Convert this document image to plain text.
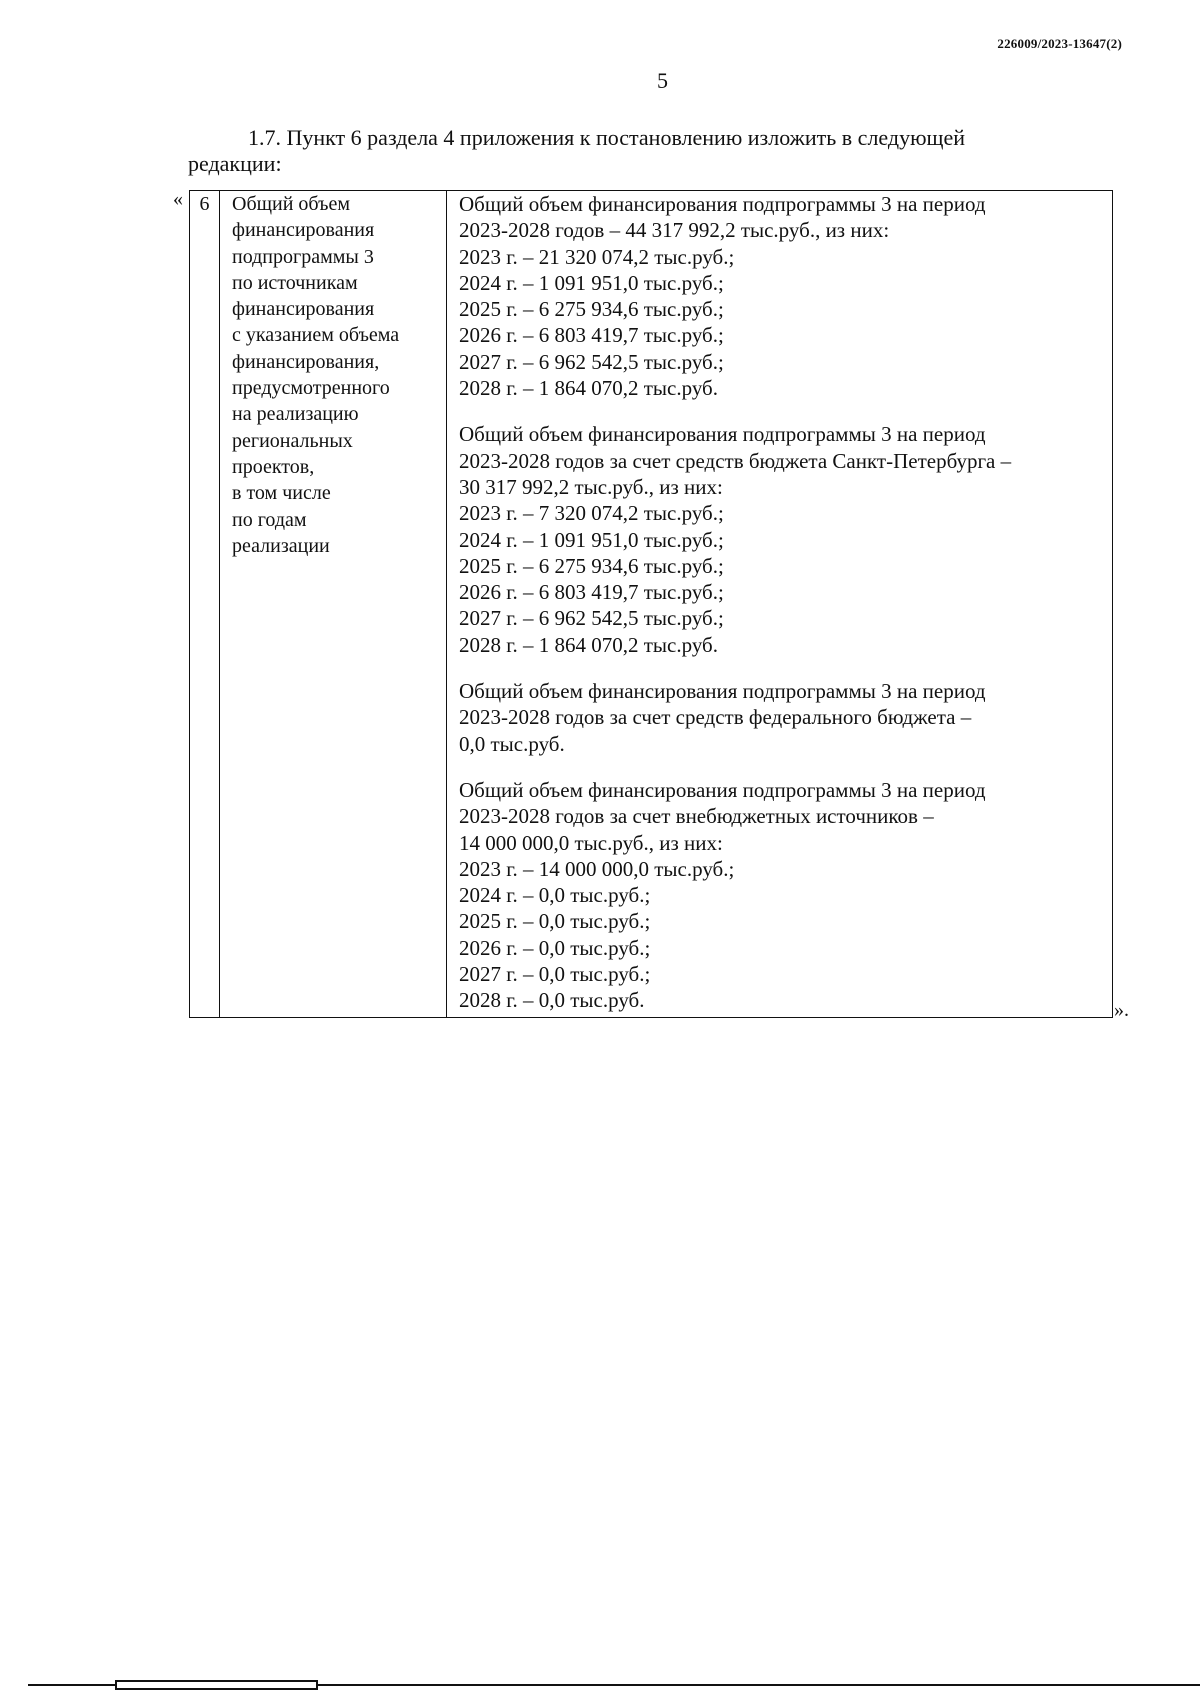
226009/2023-13647(2)
5
1.7. Пункт 6 раздела 4 приложения к постановлению изложить в следующей
редакции:
« 6	Общий объем
финансирования
подпрограммы 3
по источникам
финансирования
с указанием объема
финансирования,
предусмотренного
на реализацию
региональных
проектов,
в том числе
по годам
реализации
Общий объем финансирования подпрограммы 3 на период
2023-2028 годов – 44 317 992,2 тыс.руб., из них:
2023 г. – 21 320 074,2 тыс.руб.;
2024 г. – 1 091 951,0 тыс.руб.;
2025 г. – 6 275 934,6 тыс.руб.;
2026 г. – 6 803 419,7 тыс.руб.;
2027 г. – 6 962 542,5 тыс.руб.;
2028 г. – 1 864 070,2 тыс.руб.
Общий объем финансирования подпрограммы 3 на период
2023-2028 годов за счет средств бюджета Санкт-Петербурга –
30 317 992,2 тыс.руб., из них:
2023 г. – 7 320 074,2 тыс.руб.;
2024 г. – 1 091 951,0 тыс.руб.;
2025 г. – 6 275 934,6 тыс.руб.;
2026 г. – 6 803 419,7 тыс.руб.;
2027 г. – 6 962 542,5 тыс.руб.;
2028 г. – 1 864 070,2 тыс.руб.
Общий объем финансирования подпрограммы 3 на период
2023-2028 годов за счет средств федерального бюджета –
0,0 тыс.руб.
Общий объем финансирования подпрограммы 3 на период
2023-2028 годов за счет внебюджетных источников –
14 000 000,0 тыс.руб., из них:
2023 г. – 14 000 000,0 тыс.руб.;
2024 г. – 0,0 тыс.руб.;
2025 г. – 0,0 тыс.руб.;
2026 г. – 0,0 тыс.руб.;
2027 г. – 0,0 тыс.руб.;
2028 г. – 0,0 тыс.руб.	».
